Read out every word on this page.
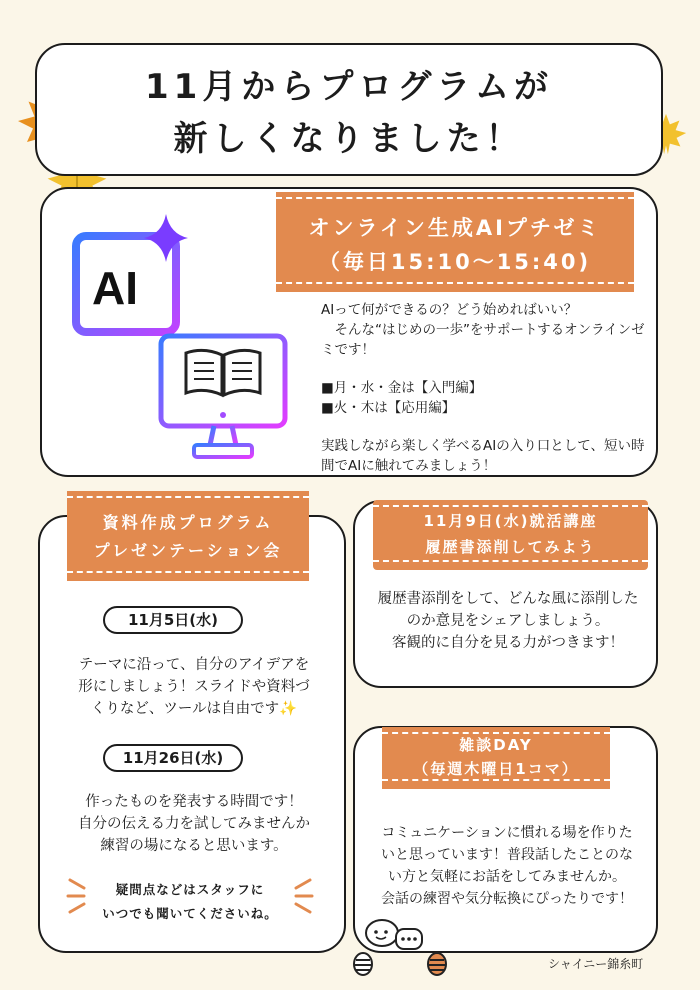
11月からプログラムが
新しくなりました！
AI
オンライン生成AIプチゼミ
（毎日15:10～15:40)

AIって何ができるの？どう始めればいい？

　そんな“はじめの一歩”をサポートするオンラインゼミです！

■月・水・金は【入門編】

■火・木は【応用編】

実践しながら楽しく学べるAIの入り口として、短い時間でAIに触れてみましょう！

資料作成プログラム
プレゼンテーション会
11月5日(水)
テーマに沿って、自分のアイデアを
形にしましょう！スライドや資料づ
くりなど、ツールは自由です✨
11月26日(水)
作ったものを発表する時間です！
自分の伝える力を試してみませんか
練習の場になると思います。
疑問点などはスタッフに
いつでも聞いてくださいね。
11月9日(水)就活講座
履歴書添削してみよう
履歴書添削をして、どんな風に添削した
のか意見をシェアしましょう。
客観的に自分を見る力がつきます！
雑談DAY
（毎週木曜日1コマ）
コミュニケーションに慣れる場を作りた
いと思っています！普段話したことのな
い方と気軽にお話をしてみませんか。
会話の練習や気分転換にぴったりです！
シャイニー錦糸町
